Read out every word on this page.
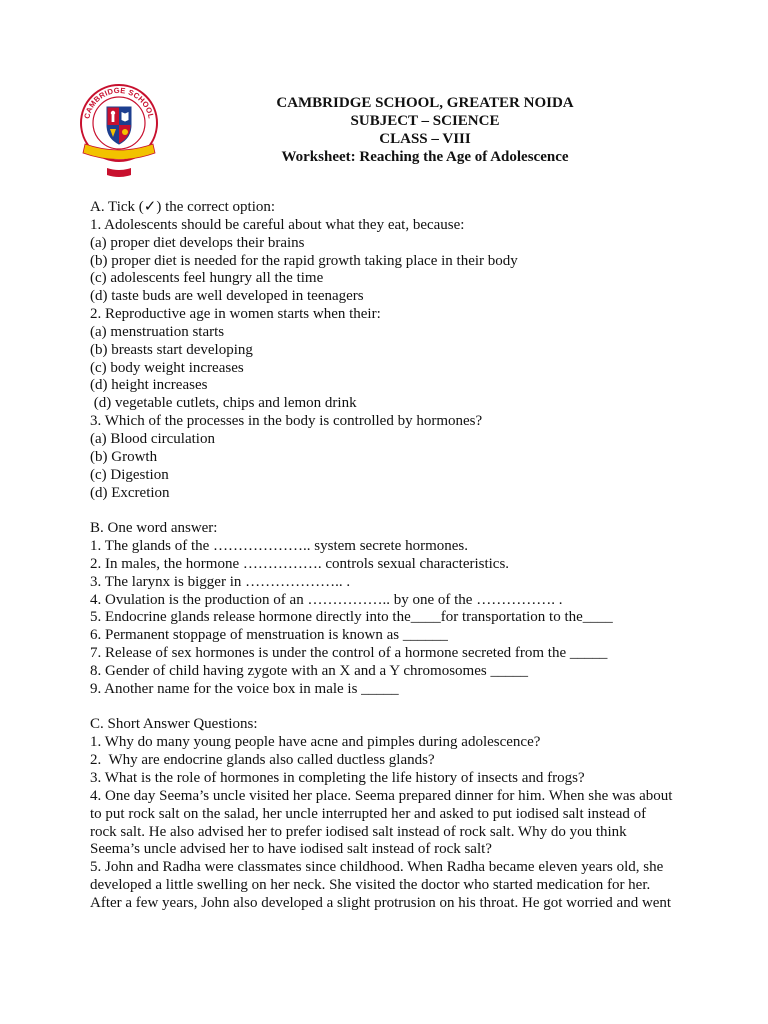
CAMBRIDGE SCHOOL
CAMBRIDGE SCHOOL, GREATER NOIDA
SUBJECT – SCIENCE
CLASS – VIII
Worksheet: Reaching the Age of Adolescence
A. Tick (✓) the correct option:
1. Adolescents should be careful about what they eat, because:
(a) proper diet develops their brains
(b) proper diet is needed for the rapid growth taking place in their body
(c) adolescents feel hungry all the time
(d) taste buds are well developed in teenagers
2. Reproductive age in women starts when their:
(a) menstruation starts
(b) breasts start developing
(c) body weight increases
(d) height increases
(d) vegetable cutlets, chips and lemon drink
3. Which of the processes in the body is controlled by hormones?
(a) Blood circulation
(b) Growth
(c) Digestion
(d) Excretion
B. One word answer:
1. The glands of the ……………….. system secrete hormones.
2. In males, the hormone ……………. controls sexual characteristics.
3. The larynx is bigger in ……………….. .
4. Ovulation is the production of an …………….. by one of the ……………. .
5. Endocrine glands release hormone directly into the____for transportation to the____
6. Permanent stoppage of menstruation is known as ______
7. Release of sex hormones is under the control of a hormone secreted from the _____
8. Gender of child having zygote with an X and a Y chromosomes _____
9. Another name for the voice box in male is _____
C. Short Answer Questions:
1. Why do many young people have acne and pimples during adolescence?
2.  Why are endocrine glands also called ductless glands?
3. What is the role of hormones in completing the life history of insects and frogs?
4. One day Seema’s uncle visited her place. Seema prepared dinner for him. When she was about
to put rock salt on the salad, her uncle interrupted her and asked to put iodised salt instead of
rock salt. He also advised her to prefer iodised salt instead of rock salt. Why do you think
Seema’s uncle advised her to have iodised salt instead of rock salt?
5. John and Radha were classmates since childhood. When Radha became eleven years old, she
developed a little swelling on her neck. She visited the doctor who started medication for her.
After a few years, John also developed a slight protrusion on his throat. He got worried and went
